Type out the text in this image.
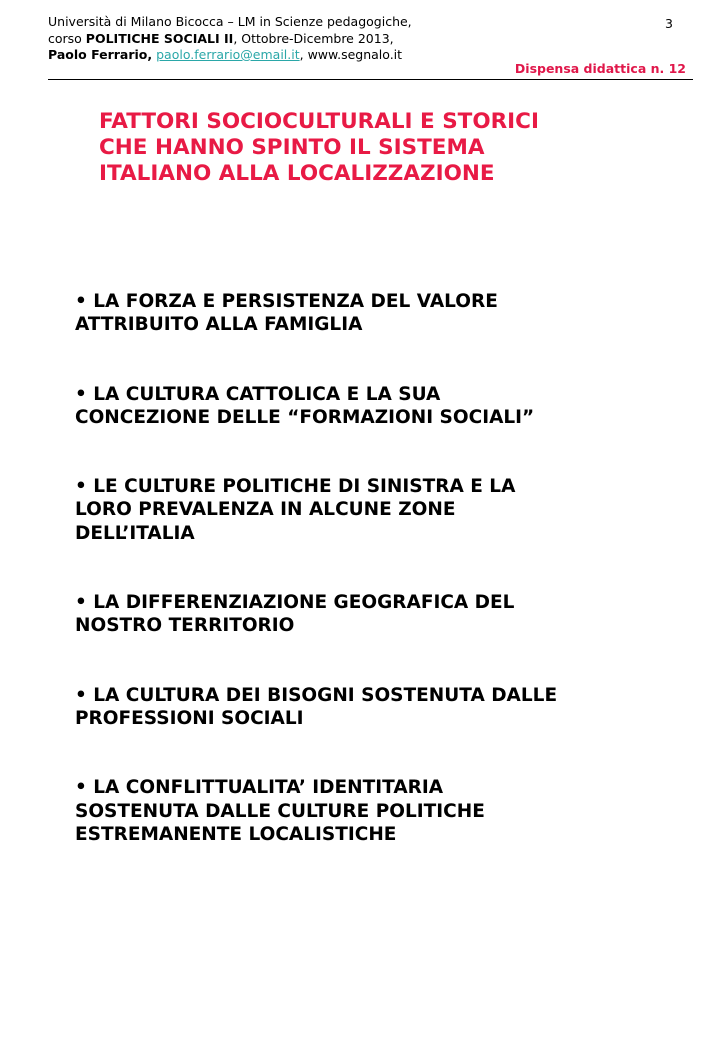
Università di Milano Bicocca – LM in Scienze pedagogiche,
corso POLITICHE SOCIALI II, Ottobre-Dicembre 2013,
Paolo Ferrario, paolo.ferrario@email.it, www.segnalo.it
3
Dispensa didattica n. 12
FATTORI SOCIOCULTURALI E STORICI
CHE HANNO SPINTO IL SISTEMA
ITALIANO ALLA LOCALIZZAZIONE
• LA FORZA E PERSISTENZA DEL VALORE
ATTRIBUITO ALLA FAMIGLIA
• LA CULTURA CATTOLICA E LA SUA
CONCEZIONE DELLE “FORMAZIONI SOCIALI”
• LE CULTURE POLITICHE DI SINISTRA E LA
LORO PREVALENZA IN ALCUNE ZONE
DELL’ITALIA
• LA DIFFERENZIAZIONE GEOGRAFICA DEL
NOSTRO TERRITORIO
• LA CULTURA DEI BISOGNI SOSTENUTA DALLE
PROFESSIONI SOCIALI
• LA CONFLITTUALITA’ IDENTITARIA
SOSTENUTA DALLE CULTURE POLITICHE
ESTREMANENTE LOCALISTICHE
